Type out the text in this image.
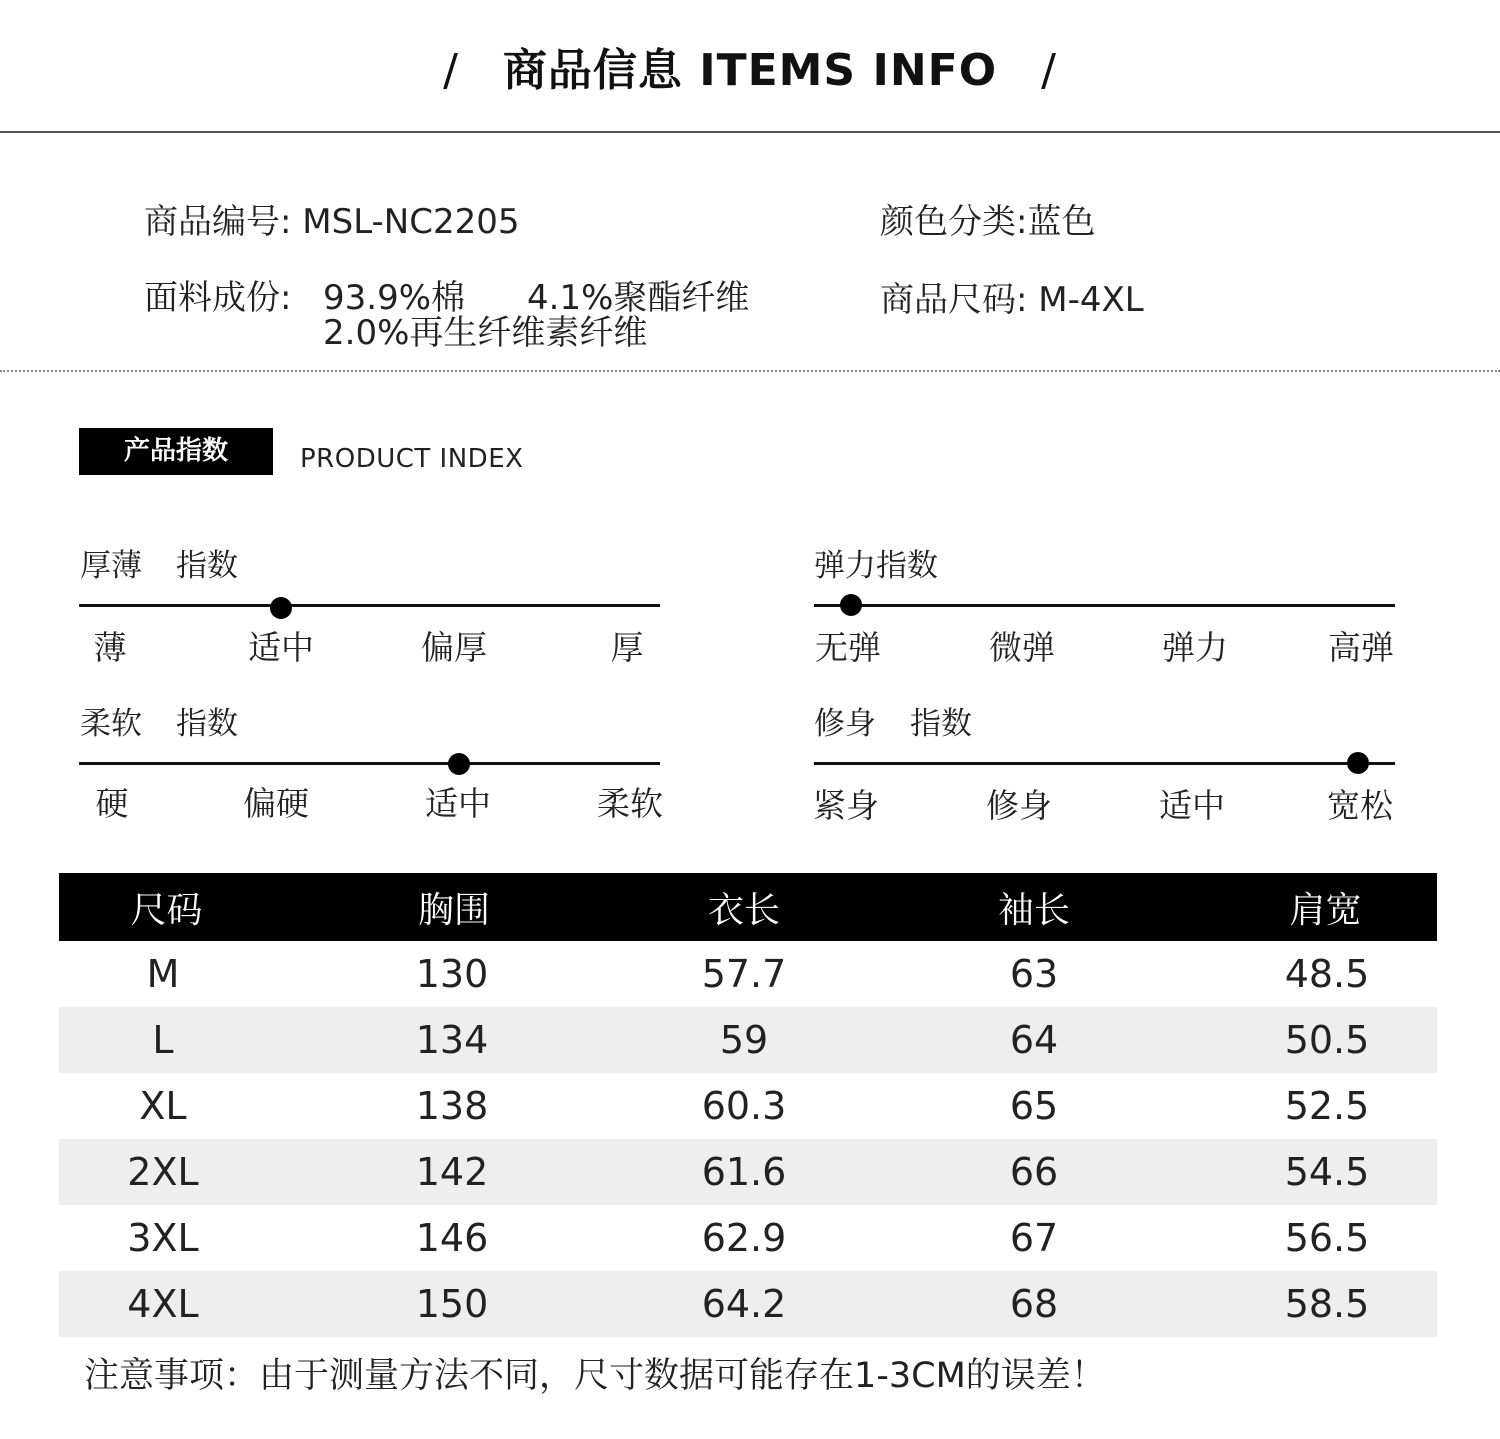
/ 商品信息 ITEMS INFO /
商品编号: MSL-NC2205	颜色分类:蓝色
面料成份: 93.9%棉 4.1%聚酯纤维
2.0%再生纤维素纤维
商品尺码: M-4XL
产品指数	PRODUCT INDEX
厚薄 指数
薄	适中	偏厚	厚
弹力指数
无弹	微弹	弹力	高弹
柔软 指数
硬	偏硬	适中	柔软
修身 指数
紧身	修身	适中	宽松
尺码	胸围	衣长	袖长	肩宽
M	130	57.7	63	48.5
L	134	59	64	50.5
XL	138	60.3	65	52.5
2XL	142	61.6	66	54.5
3XL	146	62.9	67	56.5
4XL	150	64.2	68	58.5
注意事项：由于测量方法不同，尺寸数据可能存在1-3CM的误差！
